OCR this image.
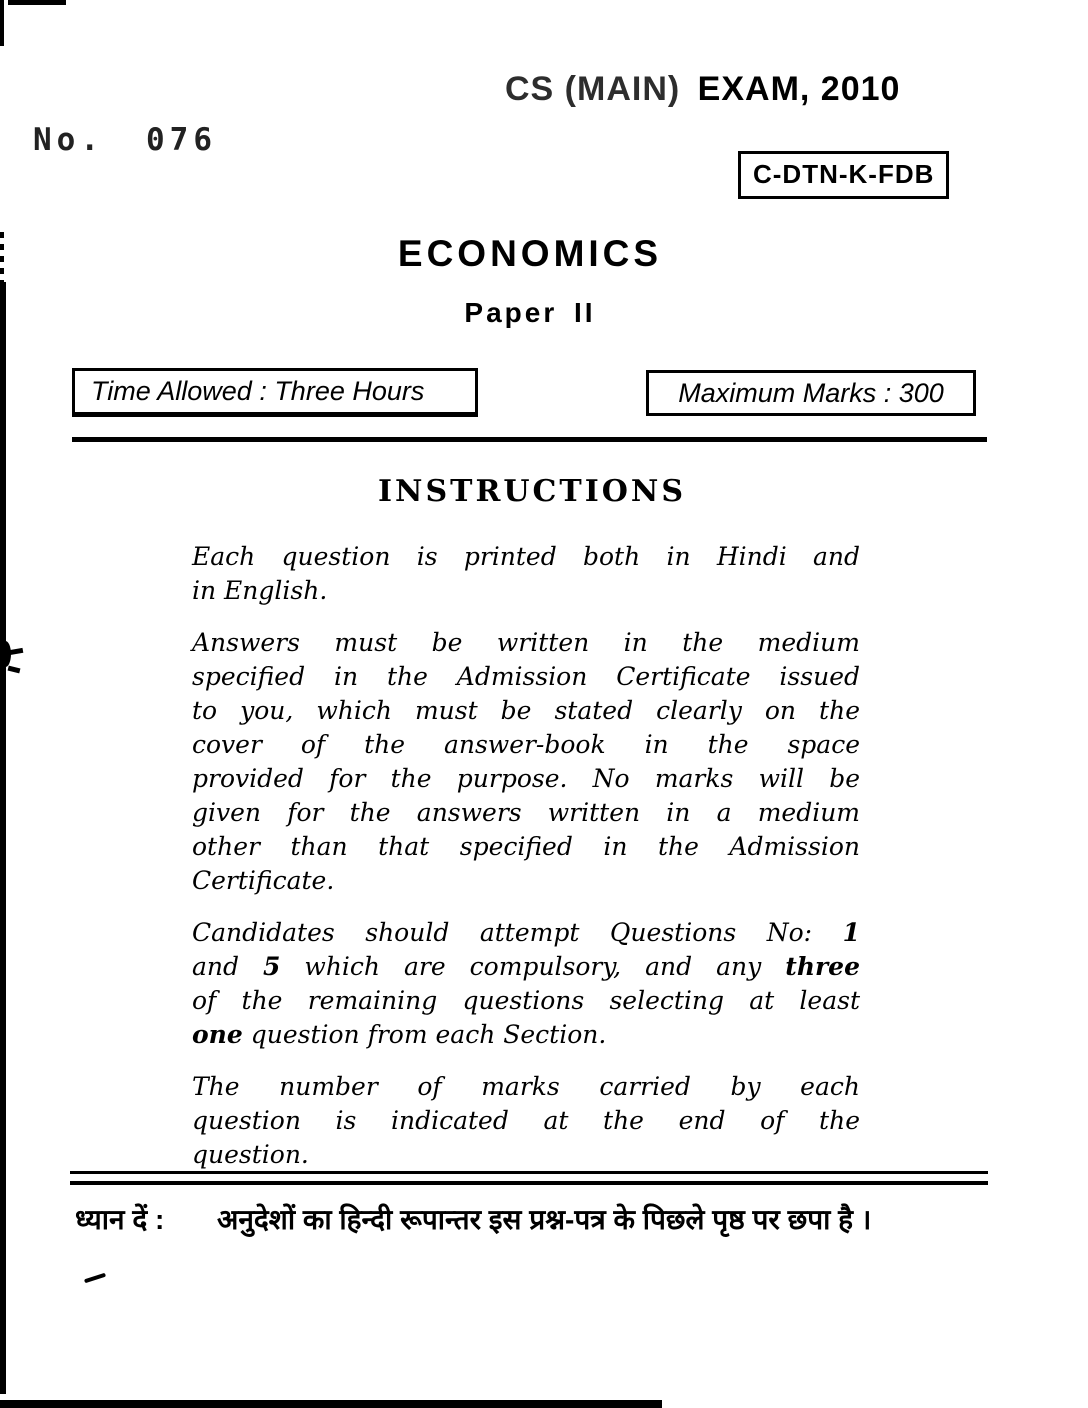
CS (MAIN) EXAM, 2010
No. 076
C-DTN-K-FDB
ECONOMICS
Paper II
Time Allowed : Three Hours	Maximum Marks : 300
INSTRUCTIONS
Each question is printed both in Hindi and
in English.
Answers must be written in the medium
specified in the Admission Certificate issued
to you, which must be stated clearly on the
cover of the answer-book in the space
provided for the purpose. No marks will be
given for the answers written in a medium
other than that specified in the Admission
Certificate.
Candidates should attempt Questions No: 1
and 5 which are compulsory, and any three
of the remaining questions selecting at least
one question from each Section.
The number of marks carried by each
question is indicated at the end of the
question.
ध्यान दें :	अनुदेशों का हिन्दी रूपान्तर इस प्रश्न-पत्र के पिछले पृष्ठ पर छपा है ।
